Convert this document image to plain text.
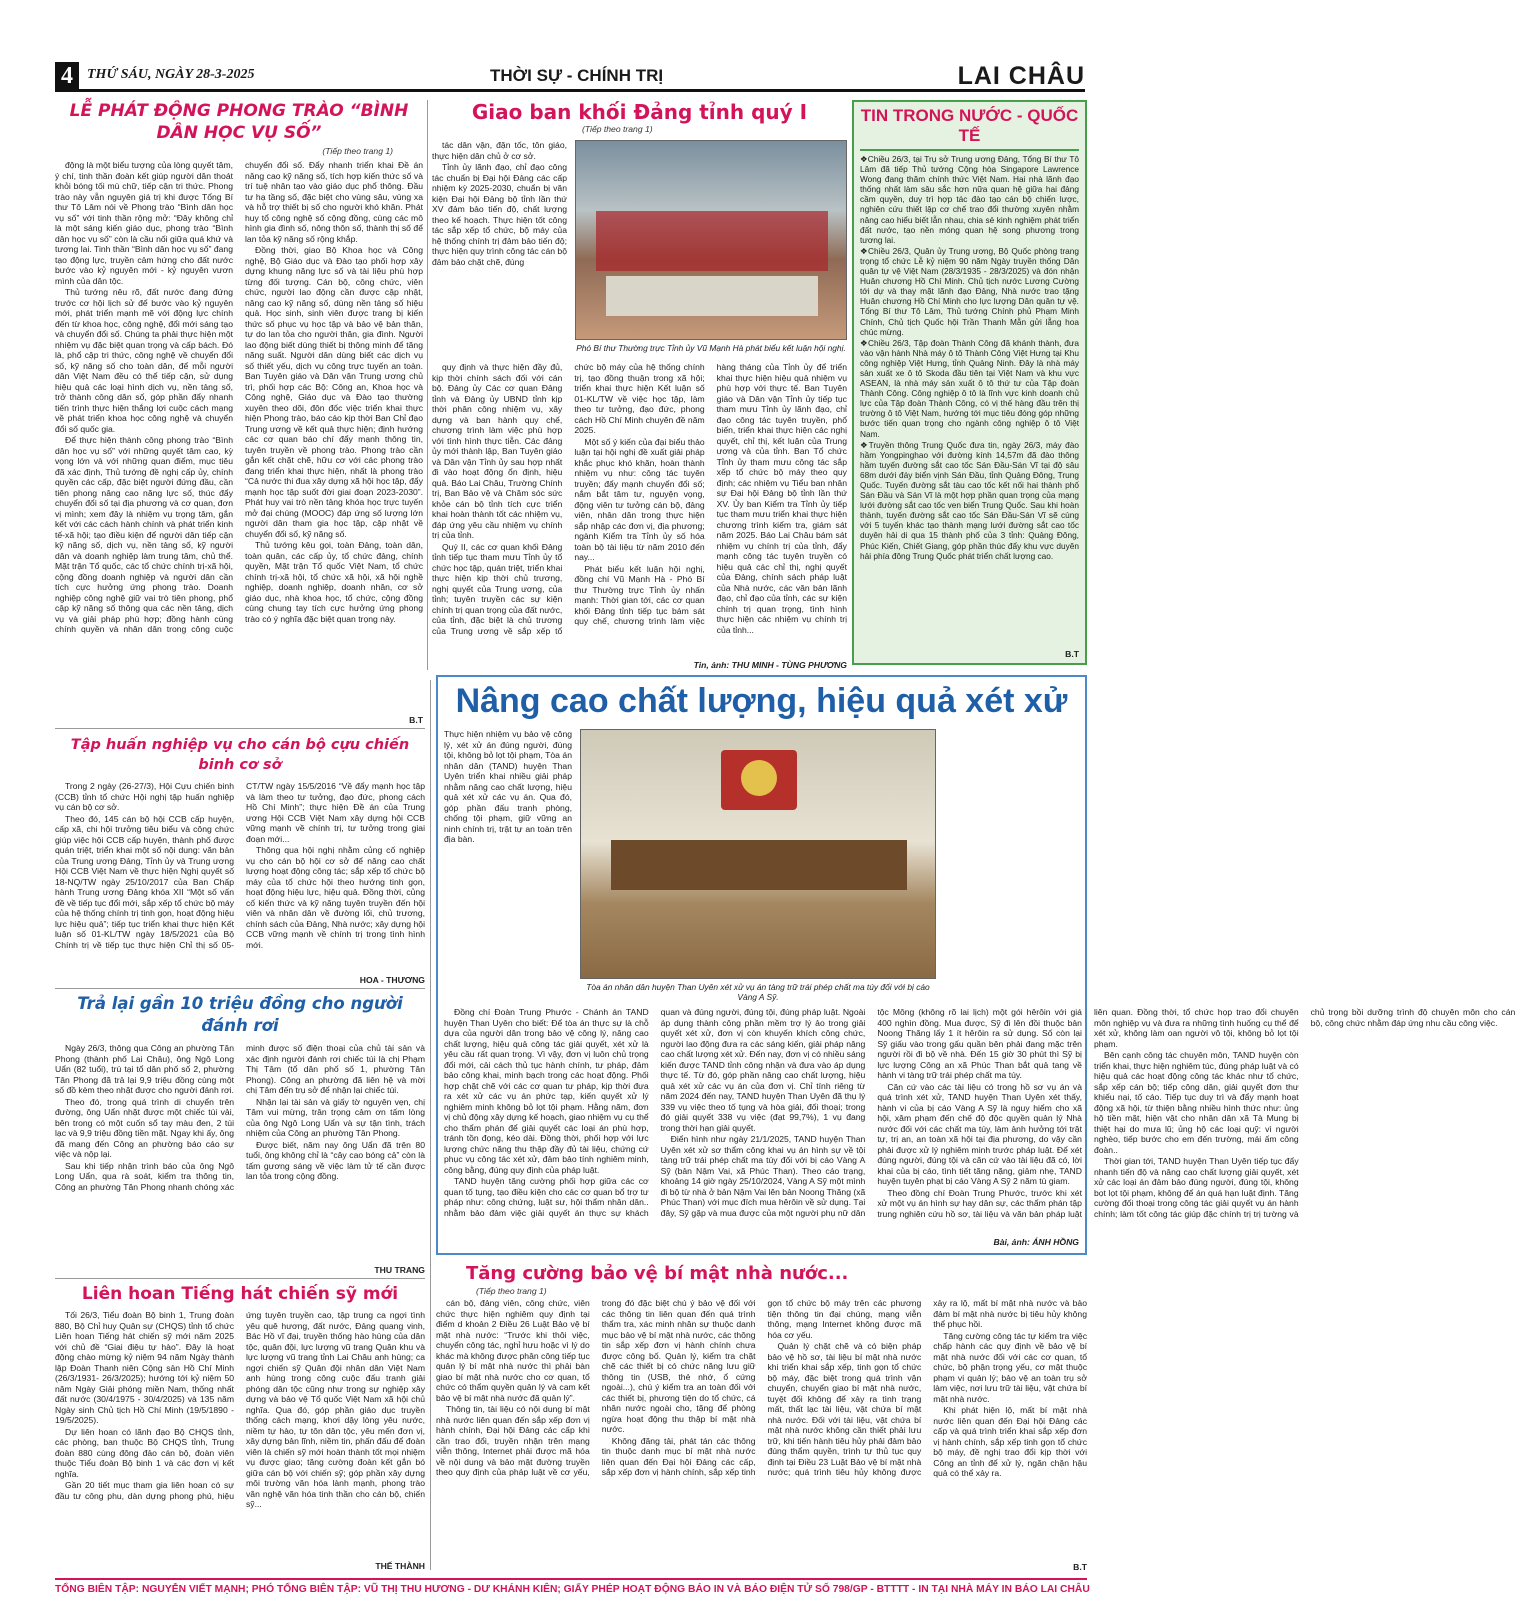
4	THỨ SÁU, NGÀY 28-3-2025	THỜI SỰ - CHÍNH TRỊ	LAI CHÂU
LỄ PHÁT ĐỘNG PHONG TRÀO “BÌNH DÂN HỌC VỤ SỐ”
(Tiếp theo trang 1)

động là một biểu tượng của lòng quyết tâm, ý chí, tinh thần đoàn kết giúp người dân thoát khỏi bóng tối mù chữ, tiếp cận tri thức. Phong trào này vẫn nguyên giá trị khi được Tổng Bí thư Tô Lâm nói về Phong trào “Bình dân học vụ số” với tinh thần rộng mở: “Đây không chỉ là một sáng kiến giáo dục, phong trào “Bình dân học vụ số” còn là cầu nối giữa quá khứ và tương lai. Tinh thần “Bình dân học vụ số” đang tạo động lực, truyền cảm hứng cho đất nước bước vào kỷ nguyên mới - kỷ nguyên vươn mình của dân tộc.

Thủ tướng nêu rõ, đất nước đang đứng trước cơ hội lịch sử để bước vào kỷ nguyên mới, phát triển mạnh mẽ với động lực chính đến từ khoa học, công nghệ, đổi mới sáng tạo và chuyển đổi số. Chúng ta phải thực hiện một nhiệm vụ đặc biệt quan trọng và cấp bách. Đó là, phổ cập tri thức, công nghệ về chuyển đổi số, kỹ năng số cho toàn dân, để mỗi người dân Việt Nam đều có thể tiếp cận, sử dụng hiệu quả các loại hình dịch vụ, nền tảng số, trở thành công dân số, góp phần đẩy nhanh tiến trình thực hiện thắng lợi cuộc cách mạng về phát triển khoa học công nghệ và chuyển đổi số quốc gia.

Để thực hiện thành công phong trào “Bình dân học vụ số” với những quyết tâm cao, kỳ vọng lớn và với những quan điểm, mục tiêu đã xác định, Thủ tướng đề nghị cấp ủy, chính quyền các cấp, đặc biệt người đứng đầu, cần tiên phong nâng cao năng lực số, thúc đẩy chuyển đổi số tại địa phương và cơ quan, đơn vị mình; xem đây là nhiệm vụ trọng tâm, gắn kết với các cách hành chính và phát triển kinh tế-xã hội; tạo điều kiện để người dân tiếp cận kỹ năng số, dịch vụ, nền tảng số, kỹ người dân và doanh nghiệp làm trung tâm, chủ thể. Mặt trận Tổ quốc, các tổ chức chính trị-xã hội, cộng đồng doanh nghiệp và người dân cần tích cực hưởng ứng phong trào. Doanh nghiệp công nghệ giữ vai trò tiên phong, phổ cập kỹ năng số thông qua các nền tảng, dịch vụ và giải pháp phù hợp; đồng hành cùng chính quyền và nhân dân trong công cuộc chuyển đổi số. Đẩy nhanh triển khai Đề án nâng cao kỹ năng số, tích hợp kiến thức số và trí tuệ nhân tạo vào giáo dục phổ thông. Đầu tư hạ tầng số, đặc biệt cho vùng sâu, vùng xa và hỗ trợ thiết bị số cho người khó khăn. Phát huy tổ công nghệ số cộng đồng, cùng các mô hình gia đình số, nông thôn số, thành thị số để lan tỏa kỹ năng số rộng khắp.

Đồng thời, giao Bộ Khoa học và Công nghệ, Bộ Giáo dục và Đào tạo phối hợp xây dựng khung năng lực số và tài liệu phù hợp từng đối tượng. Cán bộ, công chức, viên chức, người lao động cần được cập nhật, nâng cao kỹ năng số, dùng nền tảng số hiệu quả. Học sinh, sinh viên được trang bị kiến thức số phục vụ học tập và bảo vệ bản thân, tự do lan tỏa cho người thân, gia đình. Người lao động biết dùng thiết bị thông minh để tăng năng suất. Người dân dùng biết các dịch vụ số thiết yếu, dịch vụ công trực tuyến an toàn. Ban Tuyên giáo và Dân vận Trung ương chủ trì, phối hợp các Bộ: Công an, Khoa học và Công nghệ, Giáo dục và Đào tạo thường xuyên theo dõi, đôn đốc việc triển khai thực hiện Phong trào, báo cáo kịp thời Ban Chỉ đạo Trung ương về kết quả thực hiện; định hướng các cơ quan báo chí đẩy mạnh thông tin, tuyên truyền về phong trào. Phong trào cần gắn kết chặt chẽ, hữu cơ với các phong trào đang triển khai thực hiện, nhất là phong trào “Cả nước thi đua xây dựng xã hội học tập, đẩy mạnh học tập suốt đời giai đoạn 2023-2030”. Phát huy vai trò nền tảng khóa học trực tuyến mở đại chúng (MOOC) đáp ứng số lượng lớn người dân tham gia học tập, cập nhật về chuyển đổi số, kỹ năng số.

Thủ tướng kêu gọi, toàn Đảng, toàn dân, toàn quân, các cấp ủy, tổ chức đảng, chính quyền, Mặt trận Tổ quốc Việt Nam, tổ chức chính trị-xã hội, tổ chức xã hội, xã hội nghề nghiệp, doanh nghiệp, doanh nhân, cơ sở giáo dục, nhà khoa học, tổ chức, cộng đồng cùng chung tay tích cực hưởng ứng phong trào có ý nghĩa đặc biệt quan trọng này.

B.T
Giao ban khối Đảng tỉnh quý I
(Tiếp theo trang 1)

tác dân vận, đặn tốc, tôn giáo, thực hiện dân chủ ở cơ sở.

Tỉnh ủy lãnh đạo, chỉ đạo công tác chuẩn bị Đại hội Đảng các cấp nhiệm kỳ 2025-2030, chuẩn bị văn kiện Đại hội Đảng bộ tỉnh lần thứ XV đảm bảo tiến độ, chất lượng theo kế hoạch. Thực hiện tốt công tác sắp xếp tổ chức, bộ máy của hệ thống chính trị đảm bảo tiến độ; thực hiện quy trình công tác cán bộ đảm bảo chặt chẽ, đúng

Phó Bí thư Thường trực Tỉnh ủy Vũ Mạnh Hà phát biểu kết luận hội nghị.

quy định và thực hiện đầy đủ, kịp thời chính sách đối với cán bộ. Đảng ủy Các cơ quan Đảng tỉnh và Đảng ủy UBND tỉnh kịp thời phân công nhiệm vụ, xây dựng và ban hành quy chế, chương trình làm việc phù hợp với tình hình thực tiễn. Các đảng ủy mới thành lập, Ban Tuyên giáo và Dân vận Tỉnh ủy sau hợp nhất đi vào hoạt động ổn định, hiệu quả. Báo Lai Châu, Trường Chính trị, Ban Bảo vệ và Chăm sóc sức khỏe cán bộ tỉnh tích cực triển khai hoàn thành tốt các nhiệm vụ, đáp ứng yêu cầu nhiệm vụ chính trị của tỉnh.

Quý II, các cơ quan khối Đảng tỉnh tiếp tục tham mưu Tỉnh ủy tổ chức học tập, quán triệt, triển khai thực hiện kịp thời chủ trương, nghị quyết của Trung ương, của tỉnh; tuyên truyền các sự kiện chính trị quan trọng của đất nước, của tỉnh, đặc biệt là chủ trương của Trung ương về sắp xếp tổ chức bộ máy của hệ thống chính trị, tạo đồng thuận trong xã hội; triển khai thực hiện Kết luận số 01-KL/TW về việc học tập, làm theo tư tưởng, đạo đức, phong cách Hồ Chí Minh chuyên đề năm 2025.

Một số ý kiến của đại biểu thảo luận tại hội nghị đề xuất giải pháp khắc phục khó khăn, hoàn thành nhiệm vụ như: công tác tuyên truyền; đẩy mạnh chuyển đổi số; nắm bắt tâm tư, nguyện vọng, động viên tư tưởng cán bộ, đảng viên, nhân dân trong thực hiện sắp nhập các đơn vị, địa phương; ngành Kiểm tra Tỉnh ủy số hóa toàn bộ tài liệu từ năm 2010 đến nay...

Phát biểu kết luận hội nghị, đồng chí Vũ Mạnh Hà - Phó Bí thư Thường trực Tỉnh ủy nhấn mạnh: Thời gian tới, các cơ quan khối Đảng tỉnh tiếp tục bám sát quy chế, chương trình làm việc hàng tháng của Tỉnh ủy để triển khai thực hiện hiệu quả nhiệm vụ phù hợp với thực tế. Ban Tuyên giáo và Dân vận Tỉnh ủy tiếp tục tham mưu Tỉnh ủy lãnh đạo, chỉ đạo công tác tuyên truyền, phổ biến, triển khai thực hiện các nghị quyết, chỉ thị, kết luận của Trung ương và của tỉnh. Ban Tổ chức Tỉnh ủy tham mưu công tác sắp xếp tổ chức bộ máy theo quy định; các nhiệm vụ Tiểu ban nhân sự Đại hội Đảng bộ tỉnh lần thứ XV. Ủy ban Kiểm tra Tỉnh ủy tiếp tục tham mưu triển khai thực hiện chương trình kiểm tra, giám sát năm 2025. Báo Lai Châu bám sát nhiệm vụ chính trị của tỉnh, đẩy mạnh công tác tuyên truyền có hiệu quả các chỉ thị, nghị quyết của Đảng, chính sách pháp luật của Nhà nước, các văn bản lãnh đạo, chỉ đạo của tỉnh, các sự kiện chính trị quan trọng, tình hình thực hiện các nhiệm vụ chính trị của tỉnh...

Tin, ảnh: THU MINH - TÙNG PHƯƠNG
TIN TRONG NƯỚC - QUỐC TẾ

❖Chiều 26/3, tại Trụ sở Trung ương Đảng, Tổng Bí thư Tô Lâm đã tiếp Thủ tướng Cộng hòa Singapore Lawrence Wong đang thăm chính thức Việt Nam. Hai nhà lãnh đạo thống nhất làm sâu sắc hơn nữa quan hệ giữa hai đảng cầm quyền, duy trì hợp tác đào tạo cán bộ chiến lược, nghiên cứu thiết lập cơ chế trao đổi thường xuyên nhằm nâng cao hiểu biết lẫn nhau, chia sẻ kinh nghiệm phát triển đất nước, tạo nền móng quan hệ song phương trong tương lai.

❖Chiều 26/3, Quân ủy Trung ương, Bộ Quốc phòng trang trọng tổ chức Lễ kỷ niệm 90 năm Ngày truyền thống Dân quân tự vệ Việt Nam (28/3/1935 - 28/3/2025) và đón nhận Huân chương Hồ Chí Minh. Chủ tịch nước Lương Cường tới dự và thay mặt lãnh đạo Đảng, Nhà nước trao tặng Huân chương Hồ Chí Minh cho lực lượng Dân quân tự vệ. Tổng Bí thư Tô Lâm, Thủ tướng Chính phủ Phạm Minh Chính, Chủ tịch Quốc hội Trần Thanh Mẫn gửi lẵng hoa chúc mừng.

❖Chiều 26/3, Tập đoàn Thành Công đã khánh thành, đưa vào vận hành Nhà máy ô tô Thành Công Việt Hưng tại Khu công nghiệp Việt Hưng, tỉnh Quảng Ninh. Đây là nhà máy sản xuất xe ô tô Skoda đầu tiên tại Việt Nam và khu vực ASEAN, là nhà máy sản xuất ô tô thứ tư của Tập đoàn Thành Công. Công nghiệp ô tô là lĩnh vực kinh doanh chủ lực của Tập đoàn Thành Công, có vị thế hàng đầu trên thị trường ô tô Việt Nam, hướng tới mục tiêu đóng góp những bước tiến quan trọng cho ngành công nghiệp ô tô Việt Nam.

❖Truyền thông Trung Quốc đưa tin, ngày 26/3, máy đào hầm Yongpinghao với đường kính 14,57m đã đào thông hầm tuyến đường sắt cao tốc Sán Đầu-Sán Vĩ tại độ sâu 68m dưới đáy biển vịnh Sán Đầu, tỉnh Quảng Đông, Trung Quốc. Tuyến đường sắt tàu cao tốc kết nối hai thành phố Sán Đầu và Sán Vĩ là một hợp phần quan trọng của mạng lưới đường sắt cao tốc ven biển Trung Quốc. Sau khi hoàn thành, tuyến đường sắt cao tốc Sán Đầu-Sán Vĩ sẽ cùng với 5 tuyến khác tạo thành mạng lưới đường sắt cao tốc duyên hải di qua 15 thành phố của 3 tỉnh: Quảng Đông, Phúc Kiến, Chiết Giang, góp phần thúc đẩy khu vực duyên hải phía đông Trung Quốc phát triển chất lượng cao.

B.T
Tập huấn nghiệp vụ cho cán bộ cựu chiến binh cơ sở

Trong 2 ngày (26-27/3), Hội Cựu chiến binh (CCB) tỉnh tổ chức Hội nghị tập huấn nghiệp vụ cán bộ cơ sở.

Theo đó, 145 cán bộ hội CCB cấp huyện, cấp xã, chi hội trưởng tiêu biểu và công chức giúp việc hội CCB cấp huyện, thành phố được quán triệt, triển khai một số nội dung: văn bản của Trung ương Đảng, Tỉnh ủy và Trung ương Hội CCB Việt Nam về thực hiện Nghị quyết số 18-NQ/TW ngày 25/10/2017 của Ban Chấp hành Trung ương Đảng khóa XII “Một số vấn đề về tiếp tục đổi mới, sắp xếp tổ chức bộ máy của hệ thống chính trị tinh gọn, hoạt động hiệu lực hiệu quả”; tiếp tục triển khai thực hiện Kết luận số 01-KL/TW ngày 18/5/2021 của Bộ Chính trị về tiếp tục thực hiện Chỉ thị số 05-CT/TW ngày 15/5/2016 “Về đẩy mạnh học tập và làm theo tư tưởng, đạo đức, phong cách Hồ Chí Minh”; thực hiện Đề án của Trung ương Hội CCB Việt Nam xây dựng hội CCB vững mạnh về chính trị, tư tưởng trong giai đoạn mới...

Thông qua hội nghị nhằm củng cố nghiệp vụ cho cán bộ hội cơ sở để nâng cao chất lượng hoạt động công tác; sắp xếp tổ chức bộ máy của tổ chức hội theo hướng tinh gọn, hoạt động hiệu lực, hiệu quả. Đồng thời, củng cố kiến thức và kỹ năng tuyên truyền đến hội viên và nhân dân về đường lối, chủ trương, chính sách của Đảng, Nhà nước; xây dựng hội CCB vững mạnh về chính trị trong tình hình mới.

HOA - THƯƠNG
Trả lại gần 10 triệu đồng cho người đánh rơi

Ngày 26/3, thông qua Công an phường Tân Phong (thành phố Lai Châu), ông Ngô Long Uẩn (82 tuổi), trú tại tổ dân phố số 2, phường Tân Phong đã trả lại 9,9 triệu đồng cùng một số đồ kèm theo nhặt được cho người đánh rơi.

Theo đó, trong quá trình di chuyển trên đường, ông Uẩn nhặt được một chiếc túi vải, bên trong có một cuốn sổ tay màu đen, 2 túi lạc và 9,9 triệu đồng tiền mặt. Ngay khi ấy, ông đã mang đến Công an phường báo cáo sự việc và nộp lại.

Sau khi tiếp nhận trình báo của ông Ngô Long Uẩn, qua rà soát, kiểm tra thông tin, Công an phường Tân Phong nhanh chóng xác minh được số điện thoại của chủ tài sản và xác định người đánh rơi chiếc túi là chị Phạm Thị Tâm (tổ dân phố số 1, phường Tân Phong). Công an phường đã liên hệ và mời chị Tâm đến trụ sở để nhận lại chiếc túi.

Nhận lại tài sản và giấy tờ nguyên vẹn, chị Tâm vui mừng, trân trọng cảm ơn tấm lòng của ông Ngô Long Uẩn và sự tận tình, trách nhiệm của Công an phường Tân Phong.

Được biết, năm nay ông Uẩn đã trên 80 tuổi, ông không chỉ là “cây cao bóng cả” còn là tấm gương sáng về việc làm tử tế cần được lan tỏa trong cộng đồng.

THU TRANG
Liên hoan Tiếng hát chiến sỹ mới

Tối 26/3, Tiểu đoàn Bộ binh 1, Trung đoàn 880, Bộ Chỉ huy Quân sự (CHQS) tỉnh tổ chức Liên hoan Tiếng hát chiến sỹ mới năm 2025 với chủ đề “Giai điệu tự hào”. Đây là hoạt động chào mừng kỷ niệm 94 năm Ngày thành lập Đoàn Thanh niên Cộng sản Hồ Chí Minh (26/3/1931- 26/3/2025); hướng tới kỷ niệm 50 năm Ngày Giải phóng miền Nam, thống nhất đất nước (30/4/1975 - 30/4/2025) và 135 năm Ngày sinh Chủ tịch Hồ Chí Minh (19/5/1890 - 19/5/2025).

Dự liên hoan có lãnh đạo Bộ CHQS tỉnh, các phòng, ban thuộc Bộ CHQS tỉnh, Trung đoàn 880 cùng đông đảo cán bộ, đoàn viên thuộc Tiểu đoàn Bộ binh 1 và các đơn vị kết nghĩa.

Gần 20 tiết mục tham gia liên hoan có sự đầu tư công phu, dàn dựng phong phú, hiệu ứng tuyên truyền cao, tập trung ca ngợi tình yêu quê hương, đất nước, Đảng quang vinh, Bác Hồ vĩ đại, truyền thống hào hùng của dân tộc, quân đội, lực lượng vũ trang Quân khu và lực lượng vũ trang tỉnh Lai Châu anh hùng; ca ngợi chiến sỹ Quân đội nhân dân Việt Nam anh hùng trong công cuộc đấu tranh giải phóng dân tộc cũng như trong sự nghiệp xây dựng và bảo vệ Tổ quốc Việt Nam xã hội chủ nghĩa. Qua đó, góp phần giáo dục truyền thống cách mạng, khơi dậy lòng yêu nước, niềm tự hào, tự tôn dân tộc, yêu mến đơn vị, xây dựng bản lĩnh, niềm tin, phấn đấu để đoàn viên là chiến sỹ mới hoàn thành tốt mọi nhiệm vụ được giao; tăng cường đoàn kết gắn bó giữa cán bộ với chiến sỹ; góp phần xây dựng môi trường văn hóa lành mạnh, phong trào văn nghệ văn hóa tinh thần cho cán bộ, chiến sỹ...

THẾ THÀNH
Nâng cao chất lượng, hiệu quả xét xử

Thực hiện nhiệm vụ bảo vệ công lý, xét xử án đúng người, đúng tội, không bỏ lọt tội phạm, Tòa án nhân dân (TAND) huyện Than Uyên triển khai nhiều giải pháp nhằm nâng cao chất lượng, hiệu quả xét xử các vụ án. Qua đó, góp phần đấu tranh phòng, chống tội phạm, giữ vững an ninh chính trị, trật tự an toàn trên địa bàn.

Tòa án nhân dân huyện Than Uyên xét xử vụ án tàng trữ trái phép chất ma túy đối với bị cáo Vàng A Sỹ.

Đồng chí Đoàn Trung Phước - Chánh án TAND huyện Than Uyên cho biết: Để tòa án thực sự là chỗ dựa của người dân trong bảo vệ công lý, nâng cao chất lượng, hiệu quả công tác giải quyết, xét xử là yêu cầu rất quan trọng. Vì vậy, đơn vị luôn chủ trọng đổi mới, cải cách thủ tục hành chính, tư pháp, đảm bảo công khai, minh bạch trong các hoạt động. Phối hợp chặt chẽ với các cơ quan tư pháp, kịp thời đưa ra xét xử các vụ án phức tạp, kiến quyết xử lý nghiêm minh không bỏ lọt tội phạm. Hằng năm, đơn vị chủ động xây dựng kế hoạch, giao nhiệm vụ cụ thể cho thẩm phán để giải quyết các loại án phù hợp, tránh tồn đọng, kéo dài. Đồng thời, phối hợp với lực lượng chức năng thu thập đầy đủ tài liệu, chứng cứ phục vụ công tác xét xử, đảm bảo tính nghiêm minh, công bằng, đúng quy định của pháp luật.

TAND huyện tăng cường phối hợp giữa các cơ quan tố tụng, tạo điều kiện cho các cơ quan bổ trợ tư pháp như: công chứng, luật sư, hội thẩm nhân dân.. nhằm bảo đảm việc giải quyết án thực sự khách quan và đúng người, đúng tội, đúng pháp luật. Ngoài áp dụng thành công phần mềm trợ lý ảo trong giải quyết xét xử, đơn vị còn khuyến khích công chức, người lao động đưa ra các sáng kiến, giải pháp nâng cao chất lượng xét xử. Đến nay, đơn vị có nhiều sáng kiến được TAND tỉnh công nhận và đưa vào áp dụng thực tế. Từ đó, góp phần nâng cao chất lượng, hiệu quả xét xử các vụ án của đơn vị. Chỉ tính riêng từ năm 2024 đến nay, TAND huyện Than Uyên đã thụ lý 339 vụ việc theo tố tụng và hòa giải, đối thoại; trong đó giải quyết 338 vụ việc (đạt 99,7%), 1 vụ đang trong thời hạn giải quyết.

Điển hình như ngày 21/1/2025, TAND huyện Than Uyên xét xử sơ thẩm công khai vụ án hình sự về tội tàng trữ trái phép chất ma túy đối với bị cáo Vàng A Sỹ (bản Nậm Vai, xã Phúc Than). Theo cáo trạng, khoảng 14 giờ ngày 25/10/2024, Vàng A Sỹ một mình đi bộ từ nhà ở bản Nậm Vai lên bản Noong Thăng (xã Phúc Than) với mục đích mua hêrôin về sử dụng. Tại đây, Sỹ gặp và mua được của một người phụ nữ dân tộc Mông (không rõ lai lịch) một gói hêrôin với giá 400 nghìn đồng. Mua được, Sỹ đi lên đồi thuộc bản Noong Thăng lấy 1 ít hêrôin ra sử dụng. Số còn lại Sỹ giấu vào trong gấu quần bên phải đang mặc trên người rồi đi bộ về nhà. Đến 15 giờ 30 phút thì Sỹ bị lực lượng Công an xã Phúc Than bắt quả tang về hành vi tàng trữ trái phép chất ma túy.

Căn cứ vào các tài liệu có trong hồ sơ vụ án và quá trình xét xử, TAND huyện Than Uyên xét thấy, hành vi của bị cáo Vàng A Sỹ là nguy hiểm cho xã hội, xâm phạm đến chế độ độc quyền quản lý Nhà nước đối với các chất ma túy, làm ảnh hưởng tới trật tự, trị an, an toàn xã hội tại địa phương, do vậy cần phải được xử lý nghiêm minh trước pháp luật. Để xét đúng người, đúng tội và căn cứ vào tài liệu đã có, lời khai của bị cáo, tình tiết tăng nặng, giảm nhẹ, TAND huyện tuyên phạt bị cáo Vàng A Sỹ 2 năm tù giam.

Theo đồng chí Đoàn Trung Phước, trước khi xét xử một vụ án hình sự hay dân sự, các thẩm phán tập trung nghiên cứu hồ sơ, tài liệu và văn bản pháp luật liên quan. Đồng thời, tổ chức họp trao đổi chuyên môn nghiệp vụ và đưa ra những tình huống cụ thể để xét xử, không làm oan người vô tội, không bỏ lọt tội phạm.

Bên cạnh công tác chuyên môn, TAND huyện còn triển khai, thực hiện nghiêm túc, đúng pháp luật và có hiệu quả các hoạt động công tác khác như tổ chức, sắp xếp cán bộ; tiếp công dân, giải quyết đơn thư khiếu nại, tố cáo. Tiếp tục duy trì và đẩy mạnh hoạt động xã hội, từ thiện bằng nhiều hình thức như: ủng hộ tiền mặt, hiện vật cho nhân dân xã Tà Mung bị thiệt hại do mưa lũ; ủng hộ các loại quỹ: vì người nghèo, tiếp bước cho em đến trường, mái ấm công đoàn..

Thời gian tới, TAND huyện Than Uyên tiếp tục đẩy nhanh tiến độ và nâng cao chất lượng giải quyết, xét xử các loại án đảm bảo đúng người, đúng tội, không bọt lọt tội phạm, không để án quá hạn luật định. Tăng cường đối thoại trong công tác giải quyết vụ án hành chính; làm tốt công tác giúp đặc chính trị trị tường và chủ trọng bồi dưỡng trình độ chuyên môn cho cán bộ, công chức nhằm đáp ứng nhu cầu công việc.

Bài, ảnh: ÁNH HỒNG
Tăng cường bảo vệ bí mật nhà nước...
(Tiếp theo trang 1)

cán bộ, đảng viên, công chức, viên chức thực hiện nghiêm quy định tại điểm d khoản 2 Điều 26 Luật Bảo vệ bí mật nhà nước: “Trước khi thôi việc, chuyển công tác, nghỉ hưu hoặc vì lý do khác mà không được phân công tiếp tục quản lý bí mật nhà nước thì phải bàn giao bí mật nhà nước cho cơ quan, tổ chức có thẩm quyền quản lý và cam kết bảo vệ bí mật nhà nước đã quản lý”.

Thông tin, tài liệu có nội dung bí mật nhà nước liên quan đến sắp xếp đơn vị hành chính, Đại hội Đảng các cấp khi cần trao đổi, truyền nhận trên mạng viễn thông, Internet phải được mã hóa về nội dung và bảo mật đường truyền theo quy định của pháp luật về cơ yếu, trong đó đặc biệt chú ý bảo vệ đối với các thông tin liên quan đến quá trình thẩm tra, xác minh nhân sự thuộc danh mục bảo vệ bí mật nhà nước, các thông tin sắp xếp đơn vị hành chính chưa được công bố. Quản lý, kiểm tra chặt chẽ các thiết bị có chức năng lưu giữ thông tin (USB, thẻ nhớ, ổ cứng ngoài...), chú ý kiểm tra an toàn đối với các thiết bị, phương tiện do tổ chức, cá nhân nước ngoài cho, tặng để phòng ngừa hoạt động thu thập bí mật nhà nước.

Không đăng tải, phát tán các thông tin thuộc danh mục bí mật nhà nước liên quan đến Đại hội Đảng các cấp, sắp xếp đơn vị hành chính, sắp xếp tinh gọn tổ chức bộ máy trên các phương tiện thông tin đại chúng, mạng viễn thông, mạng Internet không được mã hóa cơ yếu.

Quản lý chặt chẽ và có biện pháp bảo vệ hồ sơ, tài liệu bí mật nhà nước khi triển khai sắp xếp, tinh gọn tổ chức bộ máy, đặc biệt trong quá trình vận chuyển, chuyển giao bí mật nhà nước, tuyệt đối không để xảy ra tình trạng mất, thất lạc tài liệu, vật chứa bí mật nhà nước. Đối với tài liệu, vật chứa bí mật nhà nước không cần thiết phải lưu trữ, khi tiến hành tiêu hủy phải đảm bảo đúng thẩm quyền, trình tự thủ tục quy định tại Điều 23 Luật Bảo vệ bí mật nhà nước; quá trình tiêu hủy không được xảy ra lộ, mất bí mật nhà nước và bảo đảm bí mật nhà nước bị tiêu hủy không thể phục hồi.

Tăng cường công tác tự kiểm tra việc chấp hành các quy định về bảo vệ bí mật nhà nước đối với các cơ quan, tổ chức, bộ phận trọng yếu, cơ mật thuộc phạm vi quản lý; bảo vệ an toàn trụ sở làm việc, nơi lưu trữ tài liệu, vật chứa bí mật nhà nước.

Khi phát hiện lộ, mất bí mật nhà nước liên quan đến Đại hội Đảng các cấp và quá trình triển khai sắp xếp đơn vị hành chính, sắp xếp tinh gọn tổ chức bộ máy, đề nghị trao đổi kịp thời với Công an tỉnh để xử lý, ngăn chặn hậu quả có thể xảy ra.

B.T
TỔNG BIÊN TẬP: NGUYỄN VIẾT MẠNH; PHÓ TỔNG BIÊN TẬP: VŨ THỊ THU HƯƠNG - DƯ KHÁNH KIÊN; GIẤY PHÉP HOẠT ĐỘNG BÁO IN VÀ BÁO ĐIỆN TỬ SỐ 798/GP - BTTTT - IN TẠI NHÀ MÁY IN BÁO LAI CHÂU
